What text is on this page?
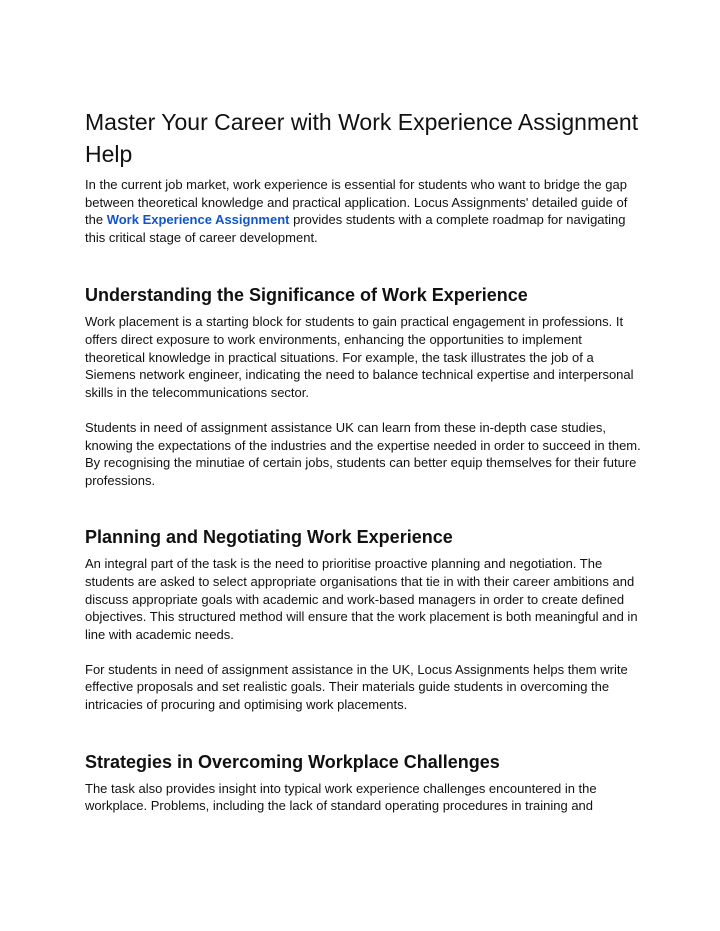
Master Your Career with Work Experience Assignment Help

In the current job market, work experience is essential for students who want to bridge the gap between theoretical knowledge and practical application. Locus Assignments' detailed guide of the Work Experience Assignment provides students with a complete roadmap for navigating this critical stage of career development.

Understanding the Significance of Work Experience

Work placement is a starting block for students to gain practical engagement in professions. It offers direct exposure to work environments, enhancing the opportunities to implement theoretical knowledge in practical situations. For example, the task illustrates the job of a Siemens network engineer, indicating the need to balance technical expertise and interpersonal skills in the telecommunications sector.

Students in need of assignment assistance UK can learn from these in-depth case studies, knowing the expectations of the industries and the expertise needed in order to succeed in them. By recognising the minutiae of certain jobs, students can better equip themselves for their future professions.

Planning and Negotiating Work Experience

An integral part of the task is the need to prioritise proactive planning and negotiation. The students are asked to select appropriate organisations that tie in with their career ambitions and discuss appropriate goals with academic and work-based managers in order to create defined objectives. This structured method will ensure that the work placement is both meaningful and in line with academic needs.

For students in need of assignment assistance in the UK, Locus Assignments helps them write effective proposals and set realistic goals. Their materials guide students in overcoming the intricacies of procuring and optimising work placements.

Strategies in Overcoming Workplace Challenges

The task also provides insight into typical work experience challenges encountered in the workplace. Problems, including the lack of standard operating procedures in training and
